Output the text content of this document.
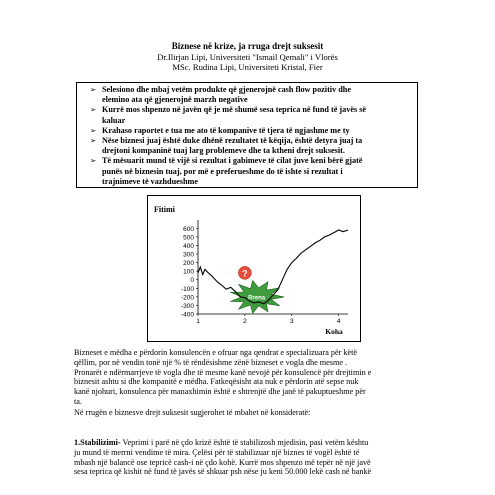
Biznese në krize, ja rruga drejt suksesit
Dr.Ilirjan Lipi, Universiteti "Ismail Qemali" i Vlorës
MSc. Rudina Lipi, Universiteti Kristal, Fier
➢ Selesiono dhe mbaj vetëm produkte që gjenerojnë cash flow pozitiv dhe
elemino ata që gjenerojnë marzh negative
➢ Kurrë mos shpenzo në javën që je më shumë sesa teprica në fund të javës së
kaluar
➢ Krahaso raportet e tua me ato të kompanive të tjera të ngjashme me ty
➢ Nëse biznesi juaj është duke dhënë rezultatet të këqija, është detyra juaj ta
drejtoni kompaninë tuaj larg problemeve dhe ta ktheni drejt suksesit.
➢ Të mësuarit mund të vijë si rezultat i gabimeve të cilat juve keni bërë gjatë
punës në biznesin tuaj, por më e preferueshme do të ishte si rezultat i
trajnimeve të vazhdueshme
Fitimi
600
500
400
300
200
100
0
-100
-200
-300
-400
1	2	3	4
Koha
Rrena
?
Bizneset e mëdha e përdorin konsulencën e ofruar nga qendrat e specializuara për këtë
qëllim, por në vendin tonë një % të rëndësishme zënë bizneset e vogla dhe mesme .
Pronarët e ndërmarrjeve të vogla dhe të mesme kanë nevojë për konsulencë për drejtimin e
biznesit ashtu si dhe kompanitë e mëdha. Fatkeqësisht ata nuk e përdorin atë sepse nuk
kanë njohuri, konsulenca për manaxhimin është e shtrenjtë dhe janë të pakuptueshme për
ta.
Në rrugën e biznesve drejt suksesit sugjerohet të mbahet në konsideratë:
1.Stabilizimi- Veprimi i parë në çdo krizë është të stabilizosh mjedisin, pasi vetëm kështu
ju mund të merrni vendime të mira. Çelësi për të stabilizuar një biznes të vogël është të
mbash një balancë ose tepricë cash-i në çdo kohë. Kurrë mos shpenzo më tepër në një javë
sesa teprica që kishit në fund të javës së shkuar psh nëse ju keni 50.000 lekë cash në bankë
